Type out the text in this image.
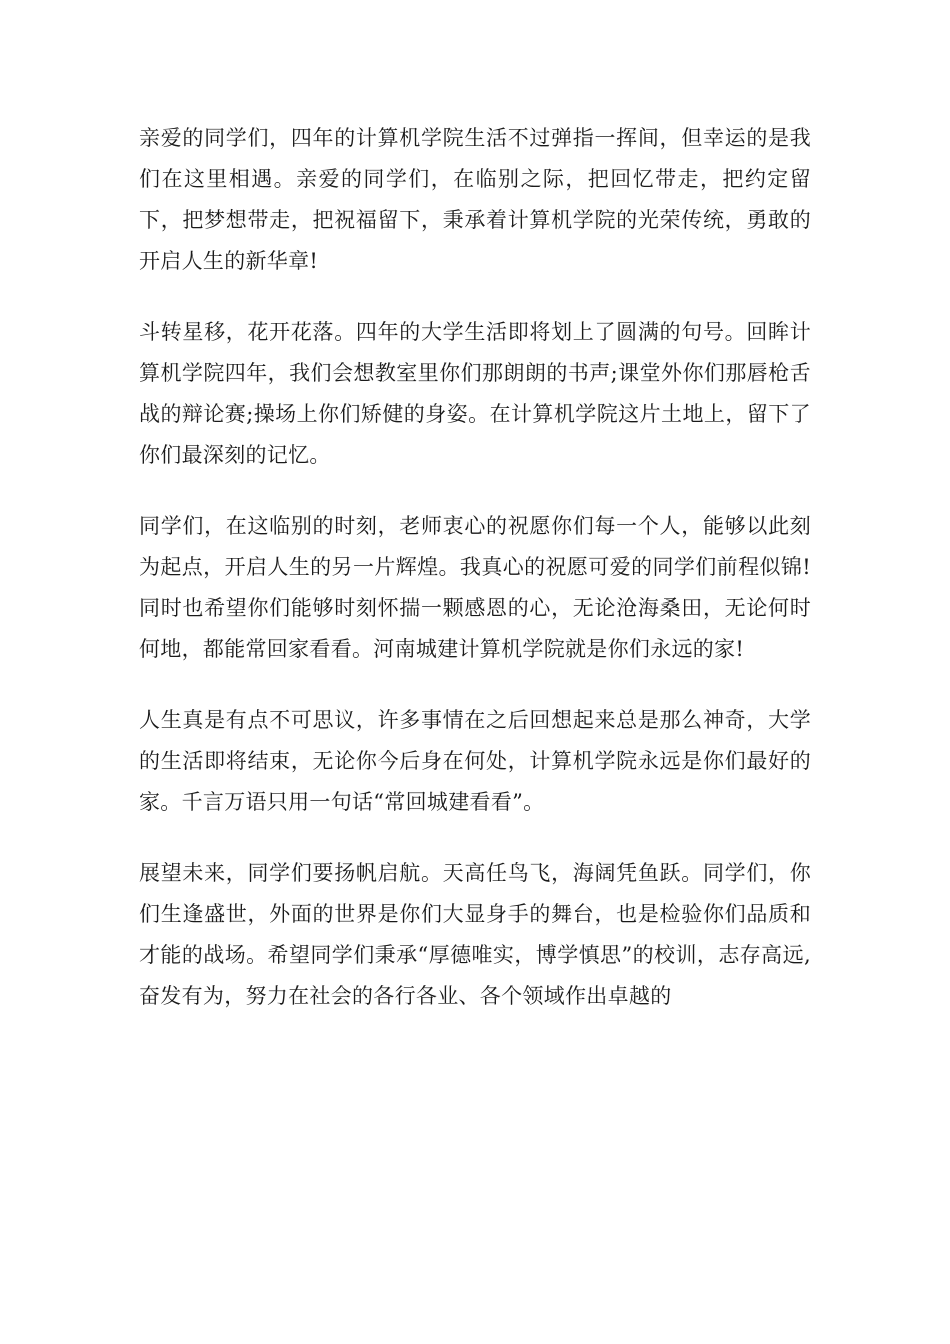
亲爱的同学们，四年的计算机学院生活不过弹指一挥间，但幸运的是我们在这里相遇。亲爱的同学们，在临别之际，把回忆带走，把约定留下，把梦想带走，把祝福留下，秉承着计算机学院的光荣传统，勇敢的开启人生的新华章!

斗转星移，花开花落。四年的大学生活即将划上了圆满的句号。回眸计算机学院四年，我们会想教室里你们那朗朗的书声;课堂外你们那唇枪舌战的辩论赛;操场上你们矫健的身姿。在计算机学院这片土地上，留下了你们最深刻的记忆。

同学们，在这临别的时刻，老师衷心的祝愿你们每一个人，能够以此刻为起点，开启人生的另一片辉煌。我真心的祝愿可爱的同学们前程似锦!同时也希望你们能够时刻怀揣一颗感恩的心，无论沧海桑田，无论何时何地，都能常回家看看。河南城建计算机学院就是你们永远的家!

人生真是有点不可思议，许多事情在之后回想起来总是那么神奇，大学的生活即将结束，无论你今后身在何处，计算机学院永远是你们最好的家。千言万语只用一句话“常回城建看看”。

展望未来，同学们要扬帆启航。天高任鸟飞，海阔凭鱼跃。同学们，你们生逢盛世，外面的世界是你们大显身手的舞台，也是检验你们品质和才能的战场。希望同学们秉承“厚德唯实，博学慎思”的校训，志存高远,奋发有为，努力在社会的各行各业、各个领域作出卓越的
